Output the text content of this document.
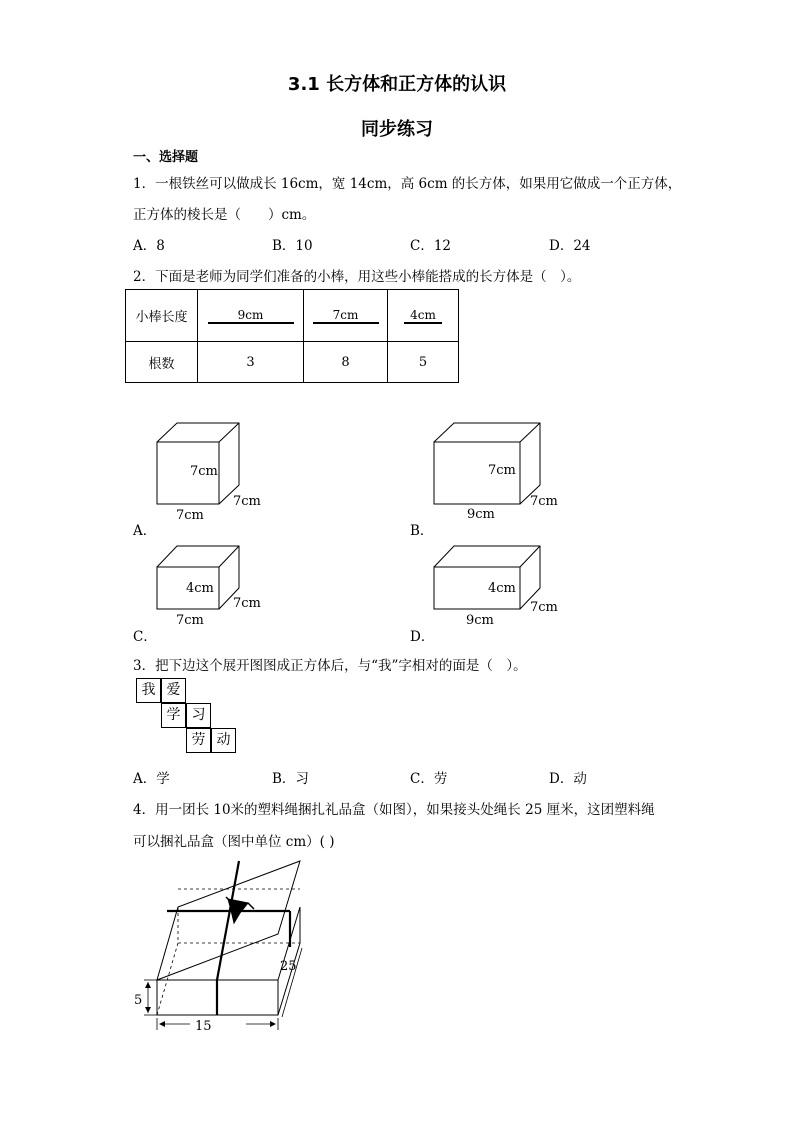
3.1 长方体和正方体的认识
同步练习
一、选择题
1．一根铁丝可以做成长 16cm，宽 14cm，高 6cm 的长方体，如果用它做成一个正方体，
正方体的棱长是（　　）cm。
A．8	B．10	C．12	D．24
2．下面是老师为同学们准备的小棒，用这些小棒能搭成的长方体是（　）。
小棒长度	9cm	7cm	4cm

根数	3	8	5
7cm
7cm
7cm
7cm
7cm
9cm
4cm
7cm
7cm
4cm
7cm
9cm
A．	B．
C．	D．
3．把下边这个展开图图成正方体后，与“我”字相对的面是（　）。
我 爱
学 习
劳 动
A．学	B．习	C．劳	D．动
4．用一团长 10米的塑料绳捆扎礼品盒（如图），如果接头处绳长 25 厘米，这团塑料绳
可以捆礼品盒（图中单位 cm）( )
5
15
25
